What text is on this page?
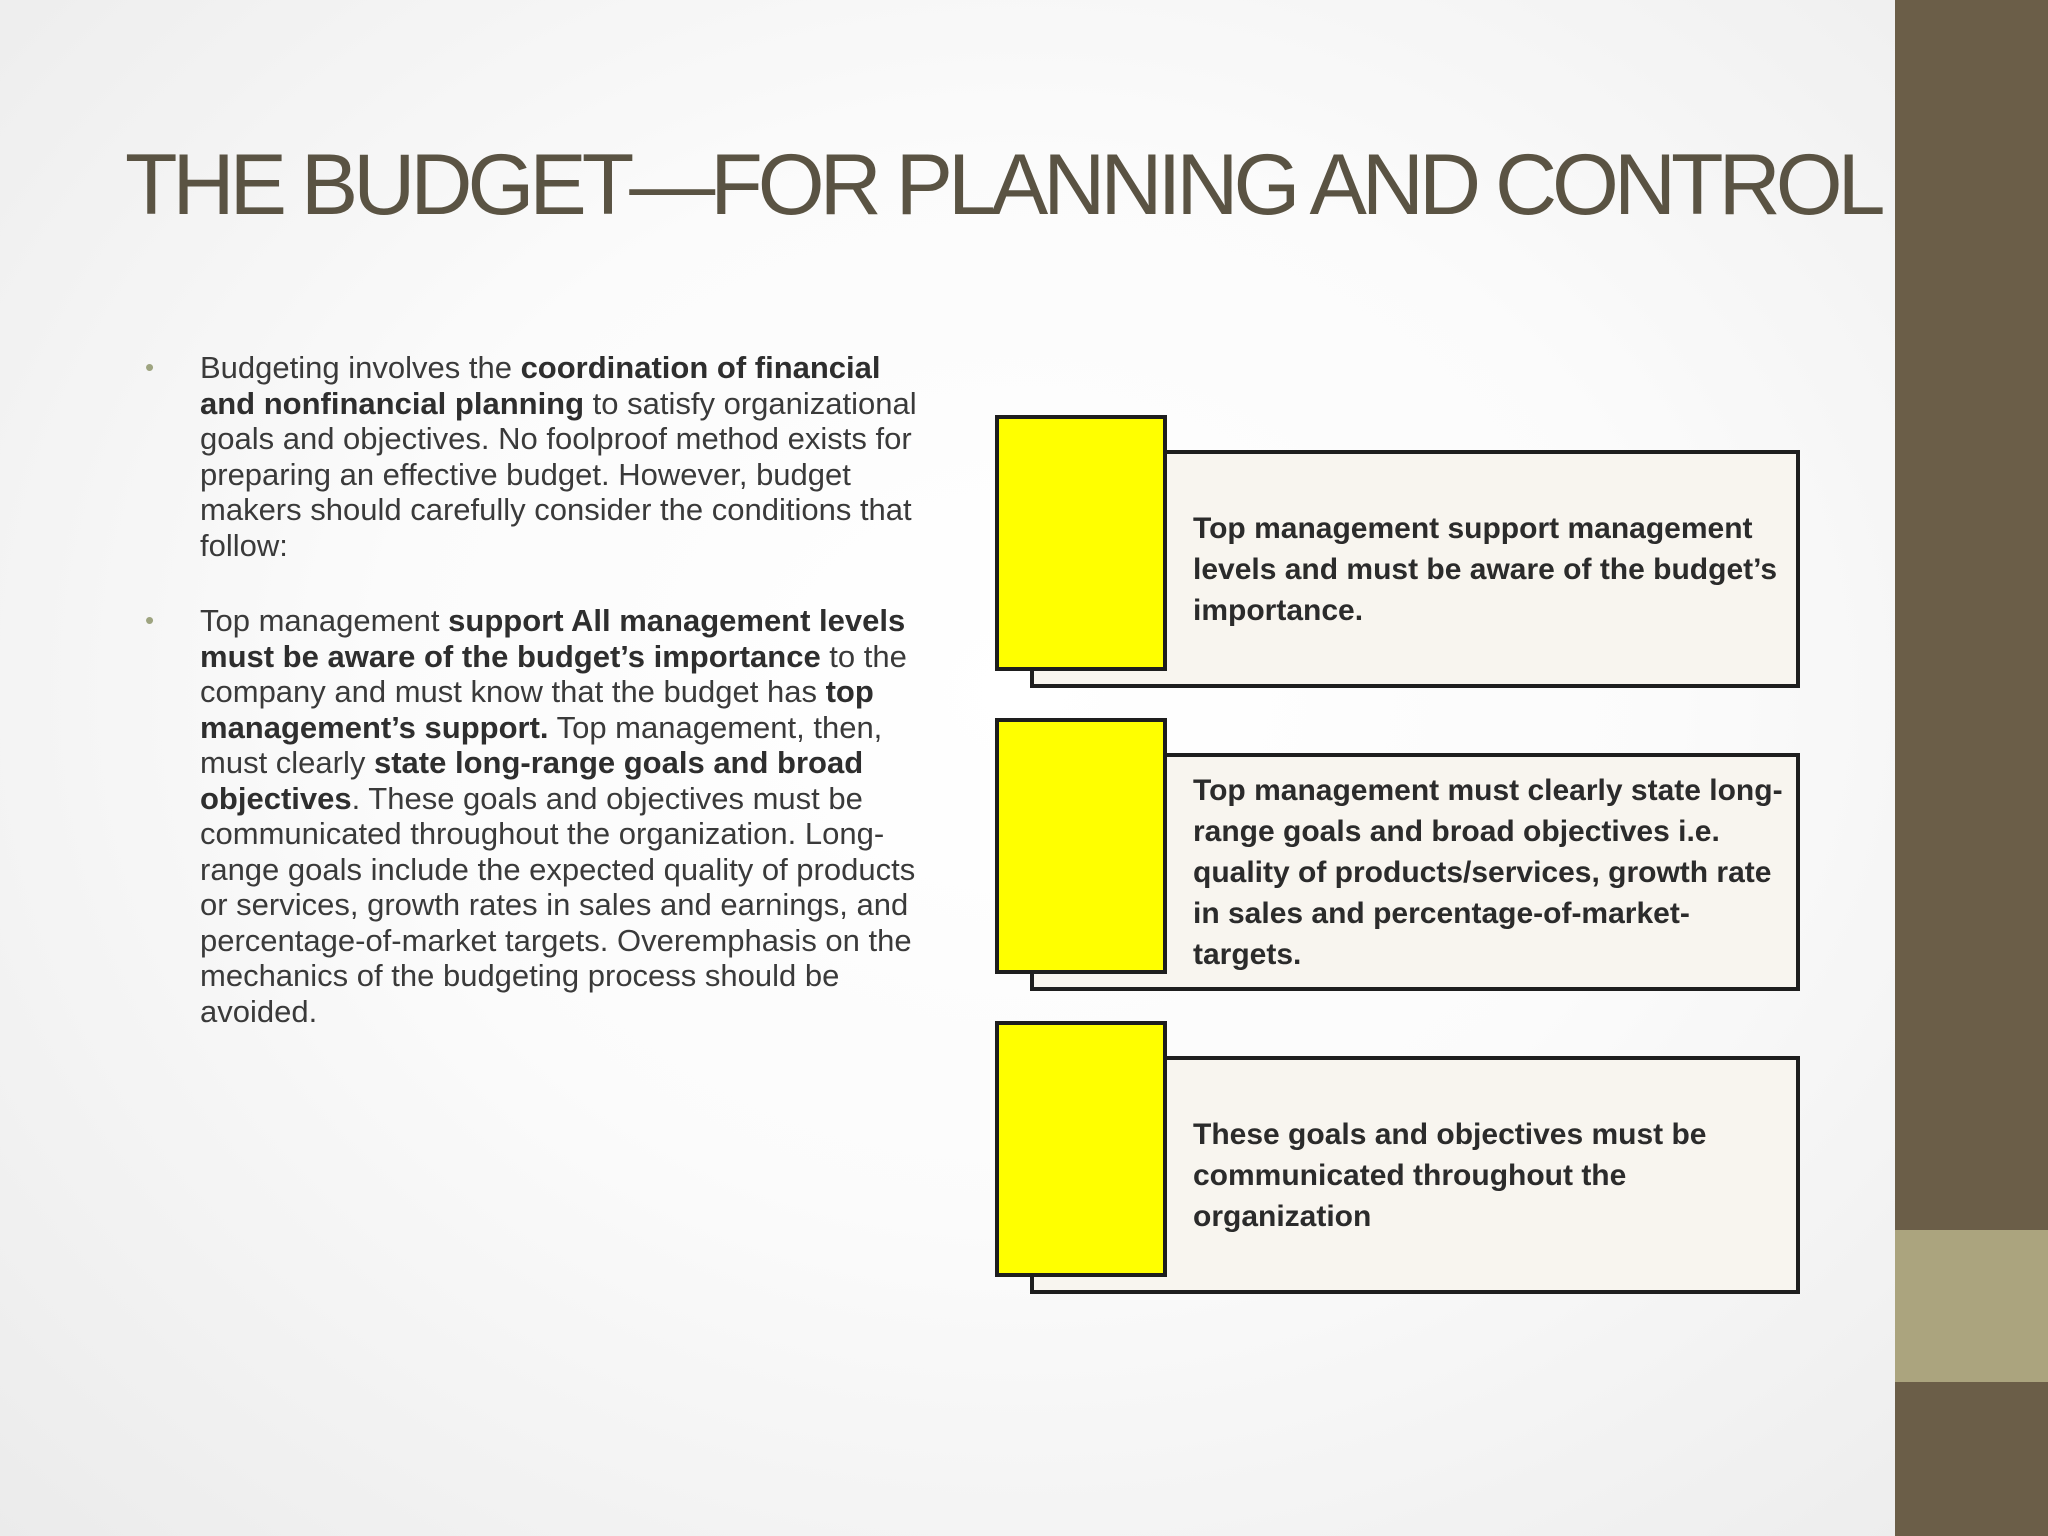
THE BUDGET—FOR PLANNING AND CONTROL
• Budgeting involves the coordination of financial and nonfinancial planning to satisfy organizational goals and objectives. No foolproof method exists for preparing an effective budget. However, budget makers should carefully consider the conditions that follow:
• Top management support All management levels must be aware of the budget’s importance to the company and must know that the budget has top management’s support. Top management, then, must clearly state long-range goals and broad objectives. These goals and objectives must be communicated throughout the organization. Long-range goals include the expected quality of products or services, growth rates in sales and earnings, and percentage-of-market targets. Overemphasis on the mechanics of the budgeting process should be avoided.
Top management support management levels and must be aware of the budget’s importance.
Top management must clearly state long-range goals and broad objectives i.e. quality of products/services, growth rate in sales and percentage-of-market-targets.
These goals and objectives must be communicated throughout the organization
